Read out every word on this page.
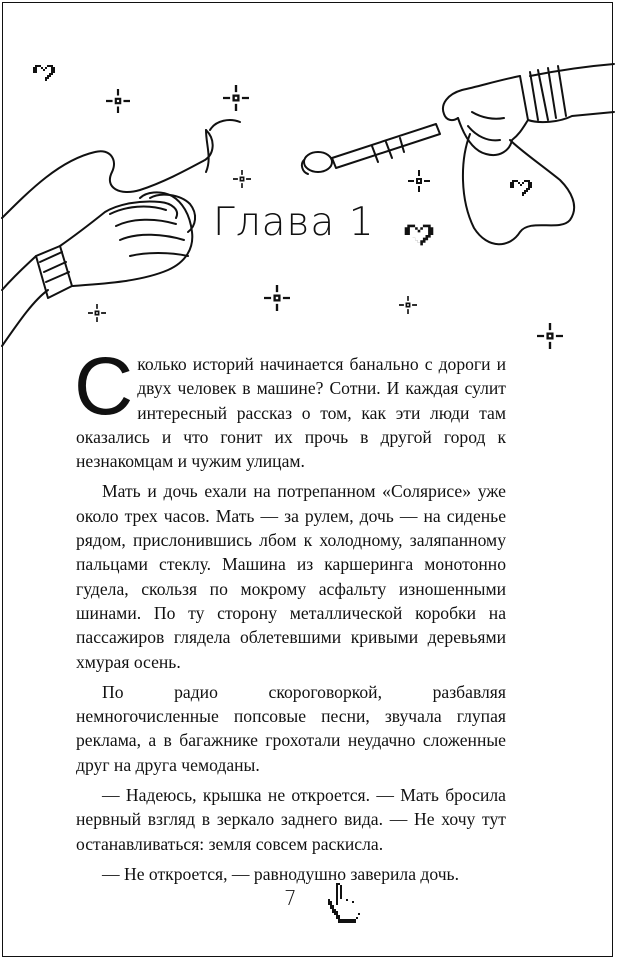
Глава 1

Сколько историй начинается банально с дороги и двух человек в машине? Сотни. И каждая сулит интересный рассказ о том, как эти люди там оказались и что гонит их прочь в другой город к незнакомцам и чужим улицам.

Мать и дочь ехали на потрепанном «Солярисе» уже около трех часов. Мать — за рулем, дочь — на сиденье рядом, прислонившись лбом к холодному, заляпанному пальцами стеклу. Машина из каршеринга монотонно гудела, скользя по мокрому асфальту изношенными шинами. По ту сторону металлической коробки на пассажиров глядела облетевшими кривыми деревьями хмурая осень.

По радио скороговоркой, разбавляя немногочисленные попсовые песни, звучала глупая реклама, а в багажнике грохотали неудачно сложенные друг на друга чемоданы.

— Надеюсь, крышка не откроется. — Мать бросила нервный взгляд в зеркало заднего вида. — Не хочу тут останавливаться: земля совсем раскисла.

— Не откроется, — равнодушно заверила дочь.

7
